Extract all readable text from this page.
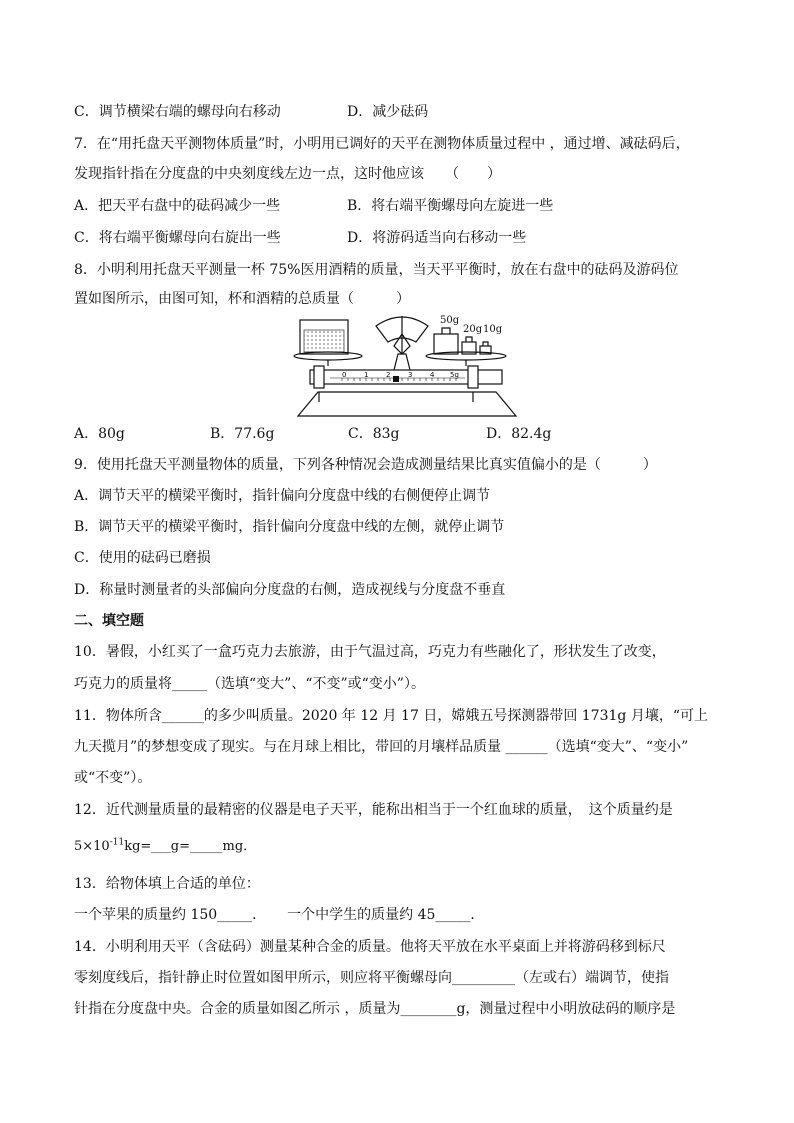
C．调节横梁右端的螺母向右移动	D．减少砝码
7．在“用托盘天平测物体质量”时，小明用已调好的天平在测物体质量过程中 ，通过增、减砝码后，
发现指针指在分度盘的中央刻度线左边一点，这时他应该　　（　　）
A．把天平右盘中的砝码减少一些	B．将右端平衡螺母向左旋进一些
C．将右端平衡螺母向右旋出一些	D．将游码适当向右移动一些
8．小明利用托盘天平测量一杯 75%医用酒精的质量，当天平平衡时，放在右盘中的砝码及游码位
置如图所示，由图可知，杯和酒精的总质量（　　　）
50g
20g 10g
0	1	2	3	4 5g
A．80g	B．77.6g	C．83g	D．82.4g
9．使用托盘天平测量物体的质量，下列各种情况会造成测量结果比真实值偏小的是（　　　）
A．调节天平的横梁平衡时，指针偏向分度盘中线的右侧便停止调节
B．调节天平的横梁平衡时，指针偏向分度盘中线的左侧，就停止调节
C．使用的砝码已磨损
D．称量时测量者的头部偏向分度盘的右侧，造成视线与分度盘不垂直
二、填空题
10．暑假，小红买了一盒巧克力去旅游，由于气温过高，巧克力有些融化了，形状发生了改变，
巧克力的质量将_____（选填“变大”、“不变”或“变小”）。
11．物体所含______的多少叫质量。2020 年 12 月 17 日，嫦娥五号探测器带回 1731g 月壤，“可上
九天揽月”的梦想变成了现实。与在月球上相比，带回的月壤样品质量 ______（选填“变大”、“变小”
或“不变”）。
12．近代测量质量的最精密的仪器是电子天平，能称出相当于一个红血球的质量，　这个质量约是
$5\times 10^{-11}kg=\_\_\_g=\_\_\_\_\_mg$．
13．给物体填上合适的单位：
一个苹果的质量约 150_____．　　一个中学生的质量约 45_____．
14．小明利用天平（含砝码）测量某种合金的质量。他将天平放在水平桌面上并将游码移到标尺
零刻度线后，指针静止时位置如图甲所示，则应将平衡螺母向_________（左或右）端调节，使指
针指在分度盘中央。合金的质量如图乙所示 ，质量为________g，测量过程中小明放砝码的顺序是
